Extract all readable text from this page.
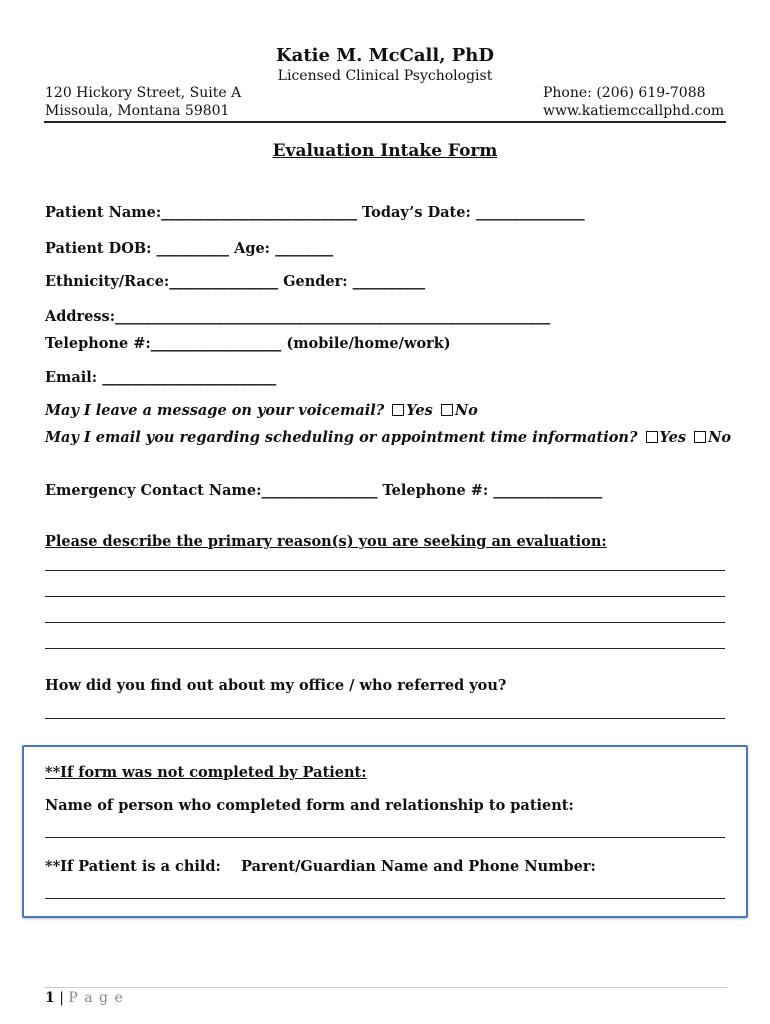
Katie M. McCall, PhD
Licensed Clinical Psychologist
120 Hickory Street, Suite A
Missoula, Montana 59801
Phone: (206) 619-7088
www.katiemccallphd.com
Evaluation Intake Form
Patient Name:___________________________ Today’s Date: _______________
Patient DOB: __________ Age: ________
Ethnicity/Race:_______________ Gender: __________
Address:____________________________________________________________
Telephone #:__________________ (mobile/home/work)
Email: ________________________
May I leave a message on your voicemail? Yes No
May I email you regarding scheduling or appointment time information? Yes No
Emergency Contact Name:________________ Telephone #: _______________
Please describe the primary reason(s) you are seeking an evaluation:
How did you find out about my office / who referred you?
**If form was not completed by Patient:
Name of person who completed form and relationship to patient:
**If Patient is a child:    Parent/Guardian Name and Phone Number:
1 | P a g e
